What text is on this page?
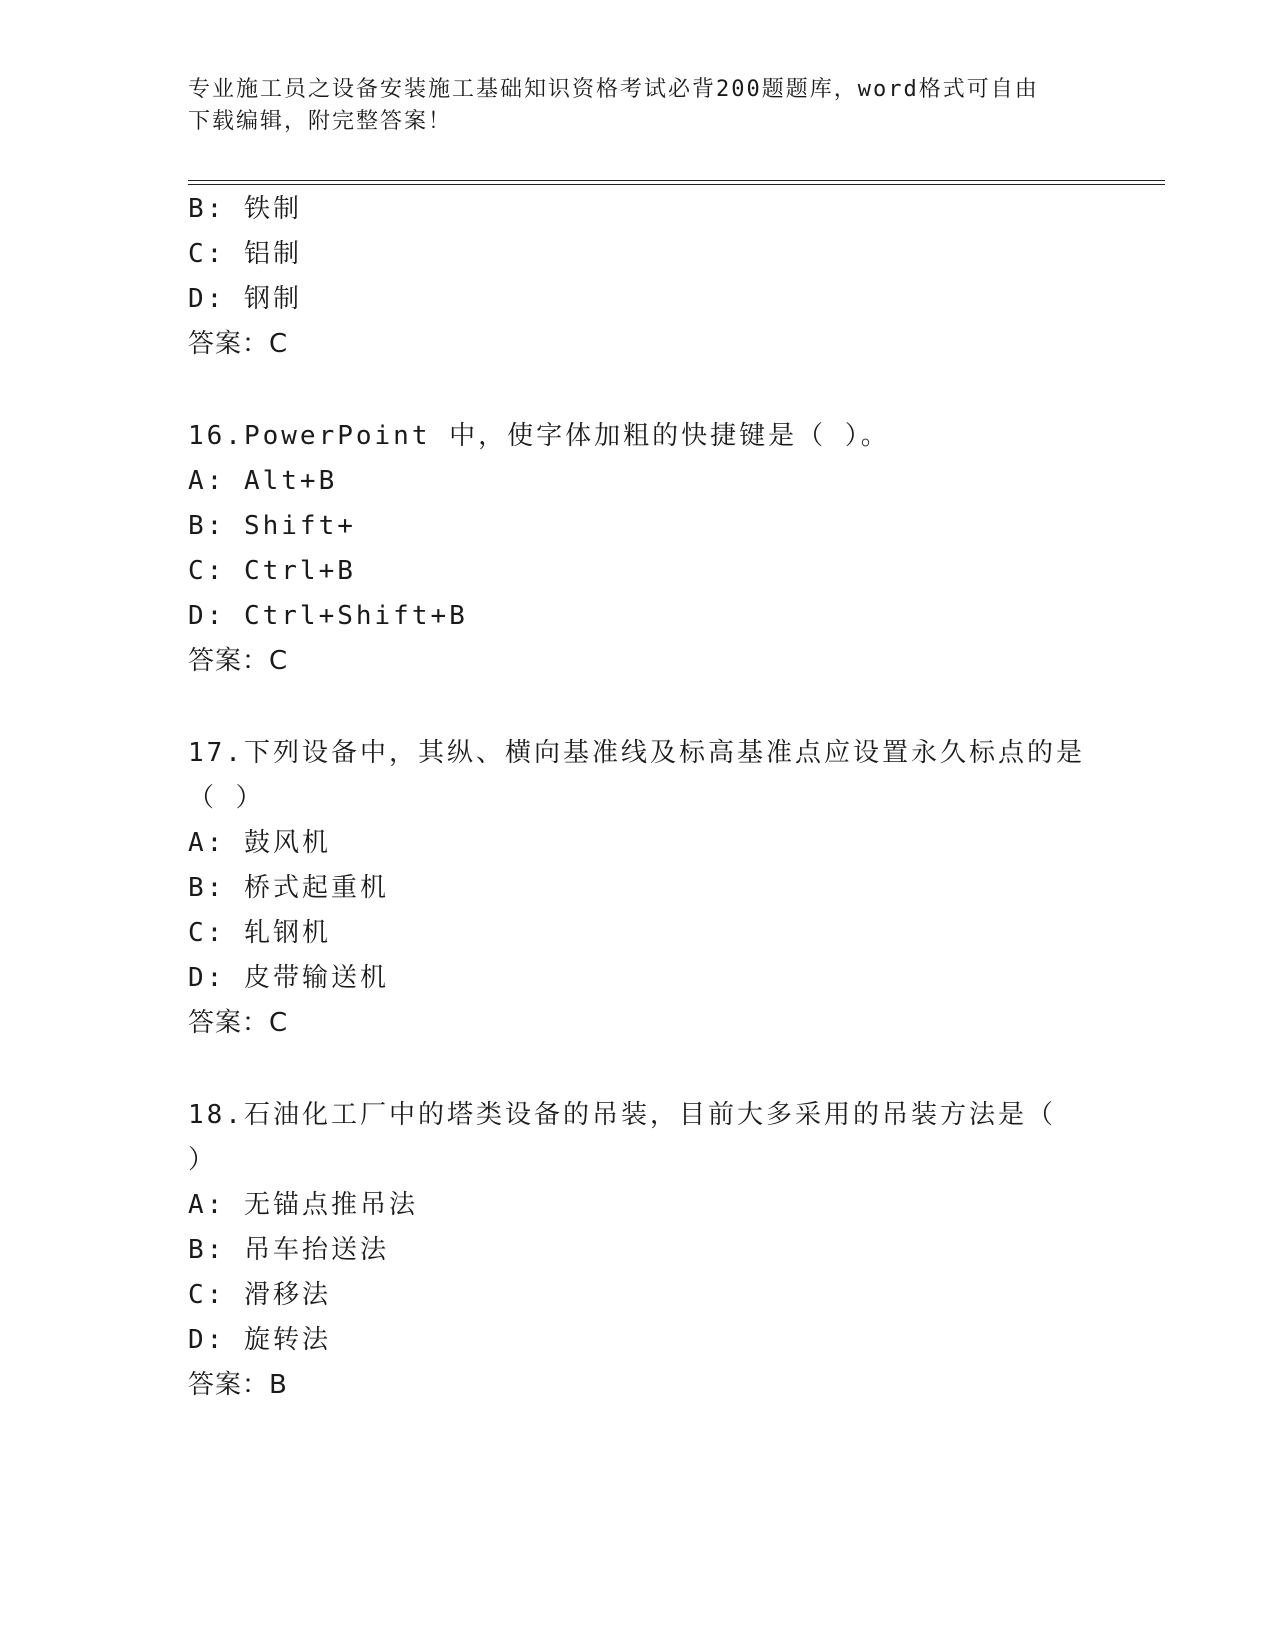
专业施工员之设备安装施工基础知识资格考试必背200题题库，word格式可自由
下载编辑，附完整答案！
B: 铁制
C: 铝制
D: 钢制
答案：C
16.PowerPoint 中，使字体加粗的快捷键是（ ）。
A: Alt+B
B: Shift+
C: Ctrl+B
D: Ctrl+Shift+B
答案：C
17.下列设备中，其纵、横向基准线及标高基准点应设置永久标点的是
（ ）
A: 鼓风机
B: 桥式起重机
C: 轧钢机
D: 皮带输送机
答案：C
18.石油化工厂中的塔类设备的吊装，目前大多采用的吊装方法是（
）
A: 无锚点推吊法
B: 吊车抬送法
C: 滑移法
D: 旋转法
答案：B
